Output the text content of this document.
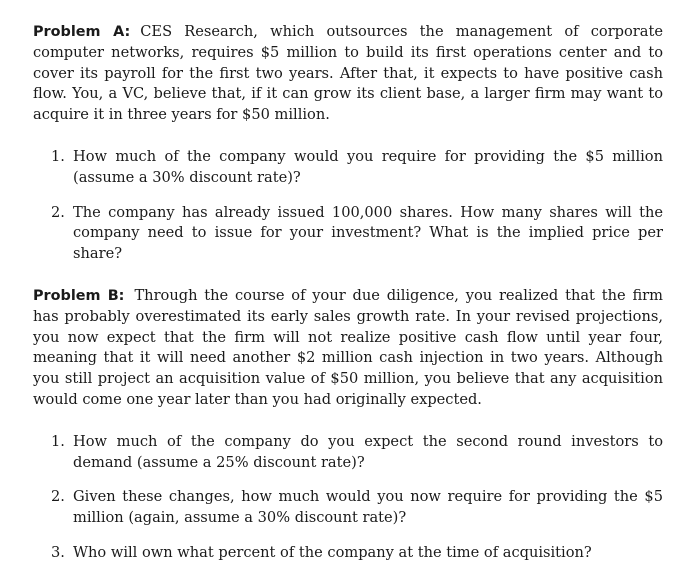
Problem A: CES Research, which outsources the management of corporate computer networks, requires $5 million to build its first operations center and to cover its payroll for the first two years. After that, it expects to have positive cash flow. You, a VC, believe that, if it can grow its client base, a larger firm may want to acquire it in three years for $50 million.

1. How much of the company would you require for providing the $5 million (assume a 30% discount rate)?
2. The company has already issued 100,000 shares. How many shares will the company need to issue for your investment? What is the implied price per share?

Problem B: Through the course of your due diligence, you realized that the firm has probably overestimated its early sales growth rate. In your revised projections, you now expect that the firm will not realize positive cash flow until year four, meaning that it will need another $2 million cash injection in two years. Although you still project an acquisition value of $50 million, you believe that any acquisition would come one year later than you had originally expected.

1. How much of the company do you expect the second round investors to demand (assume a 25% discount rate)?
2. Given these changes, how much would you now require for providing the $5 million (again, assume a 30% discount rate)?
3. Who will own what percent of the company at the time of acquisition?
